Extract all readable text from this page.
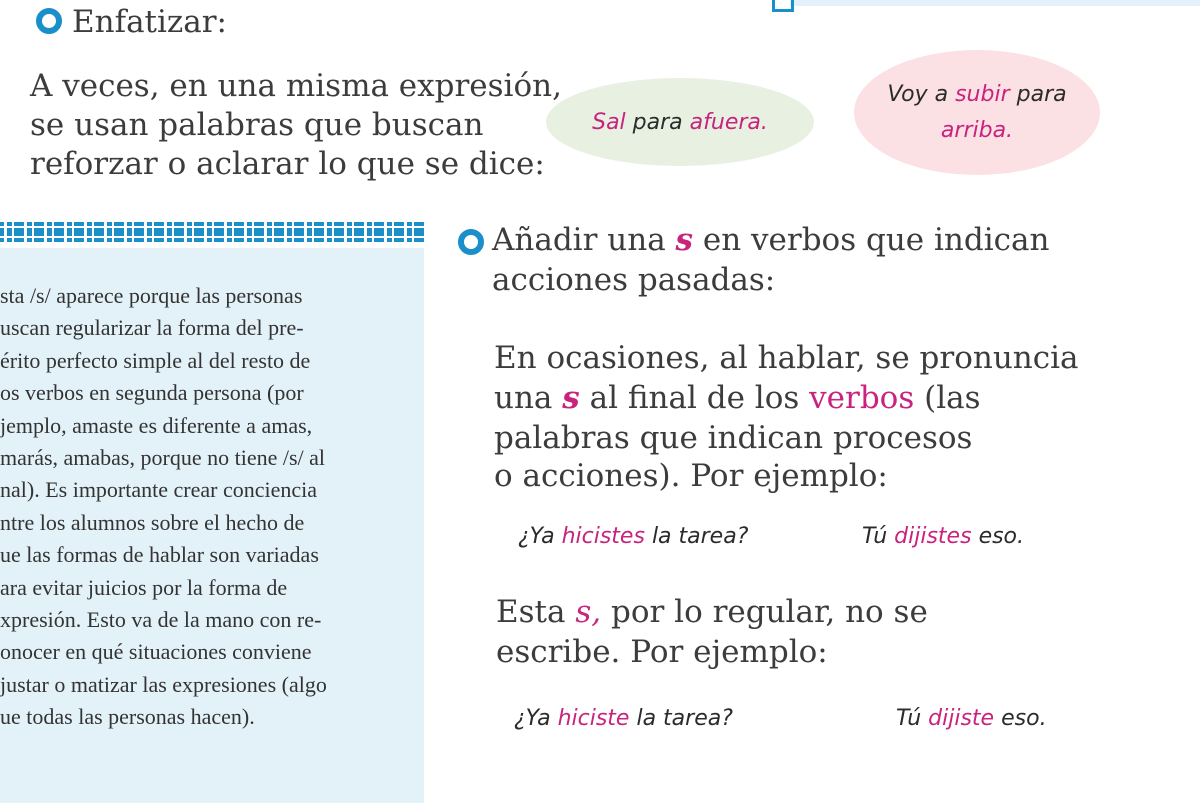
Enfatizar:
A veces, en una misma expresión,
se usan palabras que buscan
reforzar o aclarar lo que se dice:
Sal para afuera.
Voy a subir para
arriba.
sta /s/ aparece porque las personas
uscan regularizar la forma del pre-
érito perfecto simple al del resto de
os verbos en segunda persona (por
jemplo, amaste es diferente a amas,
marás, amabas, porque no tiene /s/ al
nal). Es importante crear conciencia
ntre los alumnos sobre el hecho de
ue las formas de hablar son variadas
ara evitar juicios por la forma de
xpresión. Esto va de la mano con re-
onocer en qué situaciones conviene
justar o matizar las expresiones (algo
ue todas las personas hacen).
Añadir una s en verbos que indican
acciones pasadas:
En ocasiones, al hablar, se pronuncia
una s al final de los verbos (las
palabras que indican procesos
o acciones). Por ejemplo:
¿Ya hicistes la tarea?	Tú dijistes eso.
Esta s, por lo regular, no se
escribe. Por ejemplo:
¿Ya hiciste la tarea?	Tú dijiste eso.
